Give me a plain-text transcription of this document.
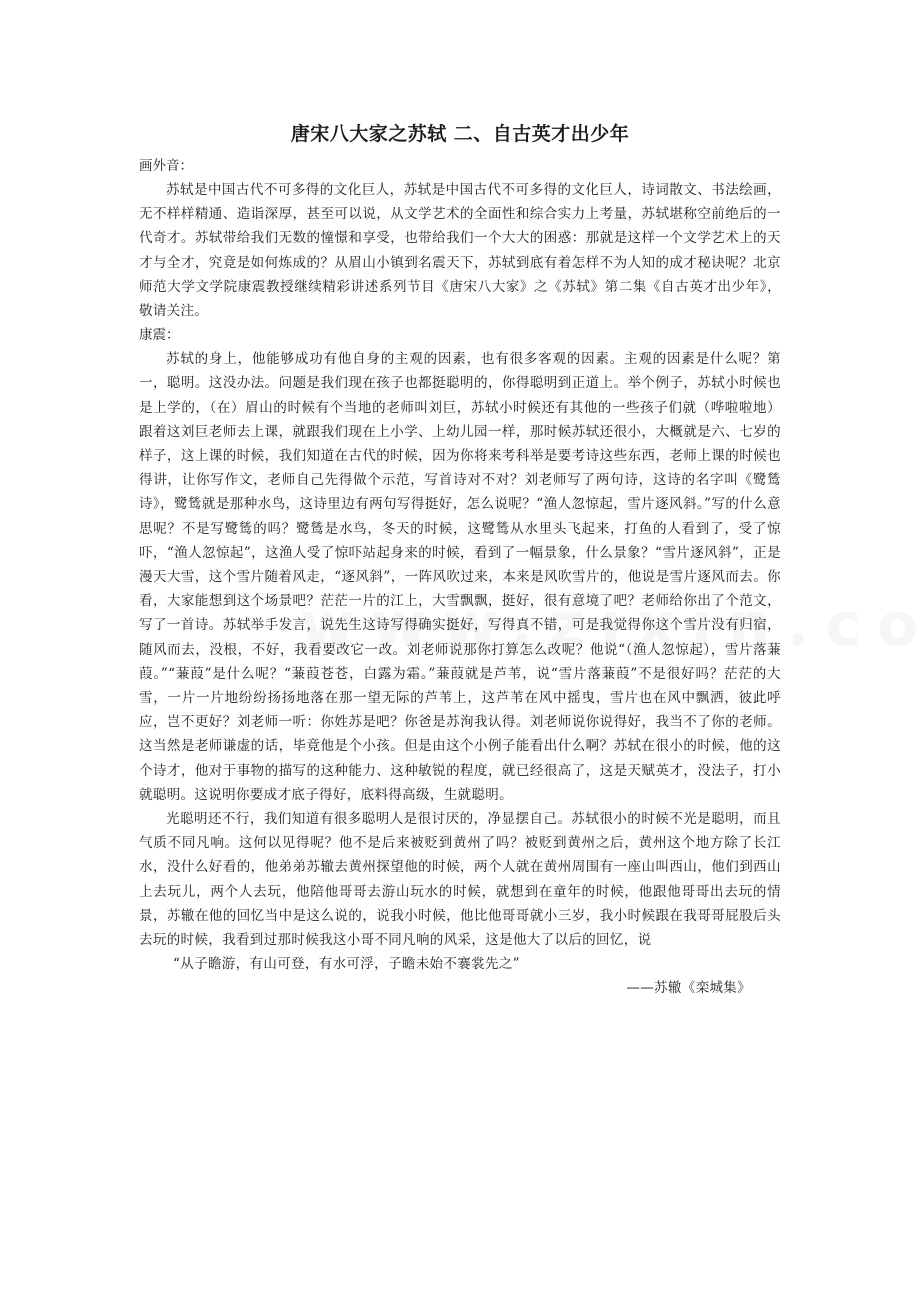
唐宋八大家之苏轼 二、自古英才出少年

画外音：

苏轼是中国古代不可多得的文化巨人，苏轼是中国古代不可多得的文化巨人，诗词散文、书法绘画，无不样样精通、造诣深厚，甚至可以说，从文学艺术的全面性和综合实力上考量，苏轼堪称空前绝后的一代奇才。苏轼带给我们无数的憧憬和享受，也带给我们一个大大的困惑：那就是这样一个文学艺术上的天才与全才，究竟是如何炼成的？从眉山小镇到名震天下，苏轼到底有着怎样不为人知的成才秘诀呢？北京师范大学文学院康震教授继续精彩讲述系列节目《唐宋八大家》之《苏轼》第二集《自古英才出少年》，敬请关注。

康震：

苏轼的身上，他能够成功有他自身的主观的因素，也有很多客观的因素。主观的因素是什么呢？第一，聪明。这没办法。问题是我们现在孩子也都挺聪明的，你得聪明到正道上。举个例子，苏轼小时候也是上学的，（在）眉山的时候有个当地的老师叫刘巨，苏轼小时候还有其他的一些孩子们就（哗啦啦地）跟着这刘巨老师去上课，就跟我们现在上小学、上幼儿园一样，那时候苏轼还很小，大概就是六、七岁的样子，这上课的时候，我们知道在古代的时候，因为你将来考科举是要考诗这些东西，老师上课的时候也得讲，让你写作文，老师自己先得做个示范，写首诗对不对？刘老师写了两句诗，这诗的名字叫《鹭鸶诗》，鹭鸶就是那种水鸟，这诗里边有两句写得挺好，怎么说呢？“渔人忽惊起，雪片逐风斜。”写的什么意思呢？不是写鹭鸶的吗？鹭鸶是水鸟，冬天的时候，这鹭鸶从水里头飞起来，打鱼的人看到了，受了惊吓，“渔人忽惊起”，这渔人受了惊吓站起身来的时候，看到了一幅景象，什么景象？“雪片逐风斜”，正是漫天大雪，这个雪片随着风走，“逐风斜”，一阵风吹过来，本来是风吹雪片的，他说是雪片逐风而去。你看，大家能想到这个场景吧？茫茫一片的江上，大雪飘飘，挺好，很有意境了吧？老师给你出了个范文，写了一首诗。苏轼举手发言，说先生这诗写得确实挺好，写得真不错，可是我觉得你这个雪片没有归宿，随风而去，没根，不好，我看要改它一改。刘老师说那你打算怎么改呢？他说“（渔人忽惊起），雪片落蒹葭。”“蒹葭”是什么呢？“蒹葭苍苍，白露为霜。”蒹葭就是芦苇，说“雪片落蒹葭”不是很好吗？茫茫的大雪，一片一片地纷纷扬扬地落在那一望无际的芦苇上，这芦苇在风中摇曳，雪片也在风中飘洒，彼此呼应，岂不更好？刘老师一听：你姓苏是吧？你爸是苏洵我认得。刘老师说你说得好，我当不了你的老师。这当然是老师谦虚的话，毕竟他是个小孩。但是由这个小例子能看出什么啊？苏轼在很小的时候，他的这个诗才，他对于事物的描写的这种能力、这种敏锐的程度，就已经很高了，这是天赋英才，没法子，打小就聪明。这说明你要成才底子得好，底料得高级，生就聪明。

光聪明还不行，我们知道有很多聪明人是很讨厌的，净显摆自己。苏轼很小的时候不光是聪明，而且气质不同凡响。这何以见得呢？他不是后来被贬到黄州了吗？被贬到黄州之后，黄州这个地方除了长江水，没什么好看的，他弟弟苏辙去黄州探望他的时候，两个人就在黄州周围有一座山叫西山，他们到西山上去玩儿，两个人去玩，他陪他哥哥去游山玩水的时候，就想到在童年的时候，他跟他哥哥出去玩的情景，苏辙在他的回忆当中是这么说的，说我小时候，他比他哥哥就小三岁，我小时候跟在我哥哥屁股后头去玩的时候，我看到过那时候我这小哥不同凡响的风采，这是他大了以后的回忆，说

“从子瞻游，有山可登，有水可浮，子瞻未始不褰裳先之”

——苏辙《栾城集》
